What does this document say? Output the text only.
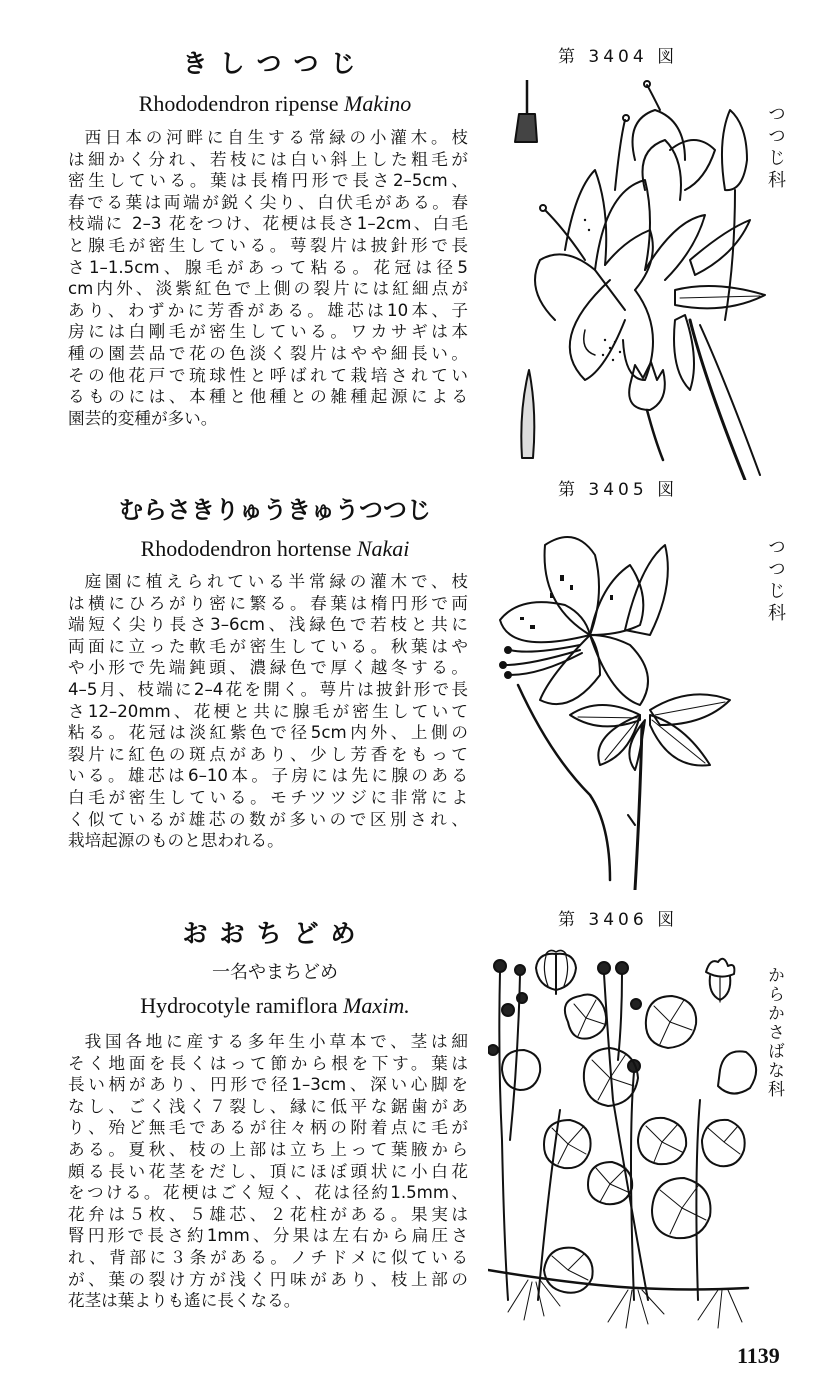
きしつつじ
Rhododendron ripense Makino
西日本の河畔に自生する常緑の小灌木。枝
は細かく分れ、若枝には白い斜上した粗毛が
密生している。葉は長楕円形で長さ2–5cm、
春でる葉は両端が鋭く尖り、白伏毛がある。春
枝端に 2–3 花をつけ、花梗は長さ1–2cm、白毛
と腺毛が密生している。萼裂片は披針形で長
さ1–1.5cm、腺毛があって粘る。花冠は径5
cm内外、淡紫紅色で上側の裂片には紅細点が
あり、わずかに芳香がある。雄芯は10本、子
房には白剛毛が密生している。ワカサギは本
種の園芸品で花の色淡く裂片はやや細長い。
その他花戸で琉球性と呼ばれて栽培されてい
るものには、本種と他種との雑種起源による
園芸的変種が多い。
第 3404 図
つつじ科
むらさきりゅうきゅうつつじ
Rhododendron hortense Nakai
庭園に植えられている半常緑の灌木で、枝
は横にひろがり密に繁る。春葉は楕円形で両
端短く尖り長さ3–6cm、浅緑色で若枝と共に
両面に立った軟毛が密生している。秋葉はや
や小形で先端鈍頭、濃緑色で厚く越冬する。
4–5月、枝端に2–4花を開く。萼片は披針形で長
さ12–20mm、花梗と共に腺毛が密生していて
粘る。花冠は淡紅紫色で径5cm内外、上側の
裂片に紅色の斑点があり、少し芳香をもって
いる。雄芯は6–10本。子房には先に腺のある
白毛が密生している。モチツツジに非常によ
く似ているが雄芯の数が多いので区別され、
栽培起源のものと思われる。
第 3405 図
つつじ科
おおちどめ
一名やまちどめ
Hydrocotyle ramiflora Maxim.
我国各地に産する多年生小草本で、茎は細
そく地面を長くはって節から根を下す。葉は
長い柄があり、円形で径1–3cm、深い心脚を
なし、ごく浅く７裂し、縁に低平な鋸歯があ
り、殆ど無毛であるが往々柄の附着点に毛が
ある。夏秋、枝の上部は立ち上って葉腋から
頗る長い花茎をだし、頂にほぼ頭状に小白花
をつける。花梗はごく短く、花は径約1.5mm、
花弁は５枚、５雄芯、２花柱がある。果実は
腎円形で長さ約1mm、分果は左右から扁圧さ
れ、背部に３条がある。ノチドメに似ている
が、葉の裂け方が浅く円味があり、枝上部の
花茎は葉よりも遙に長くなる。
第 3406 図
からかさばな科
1139
